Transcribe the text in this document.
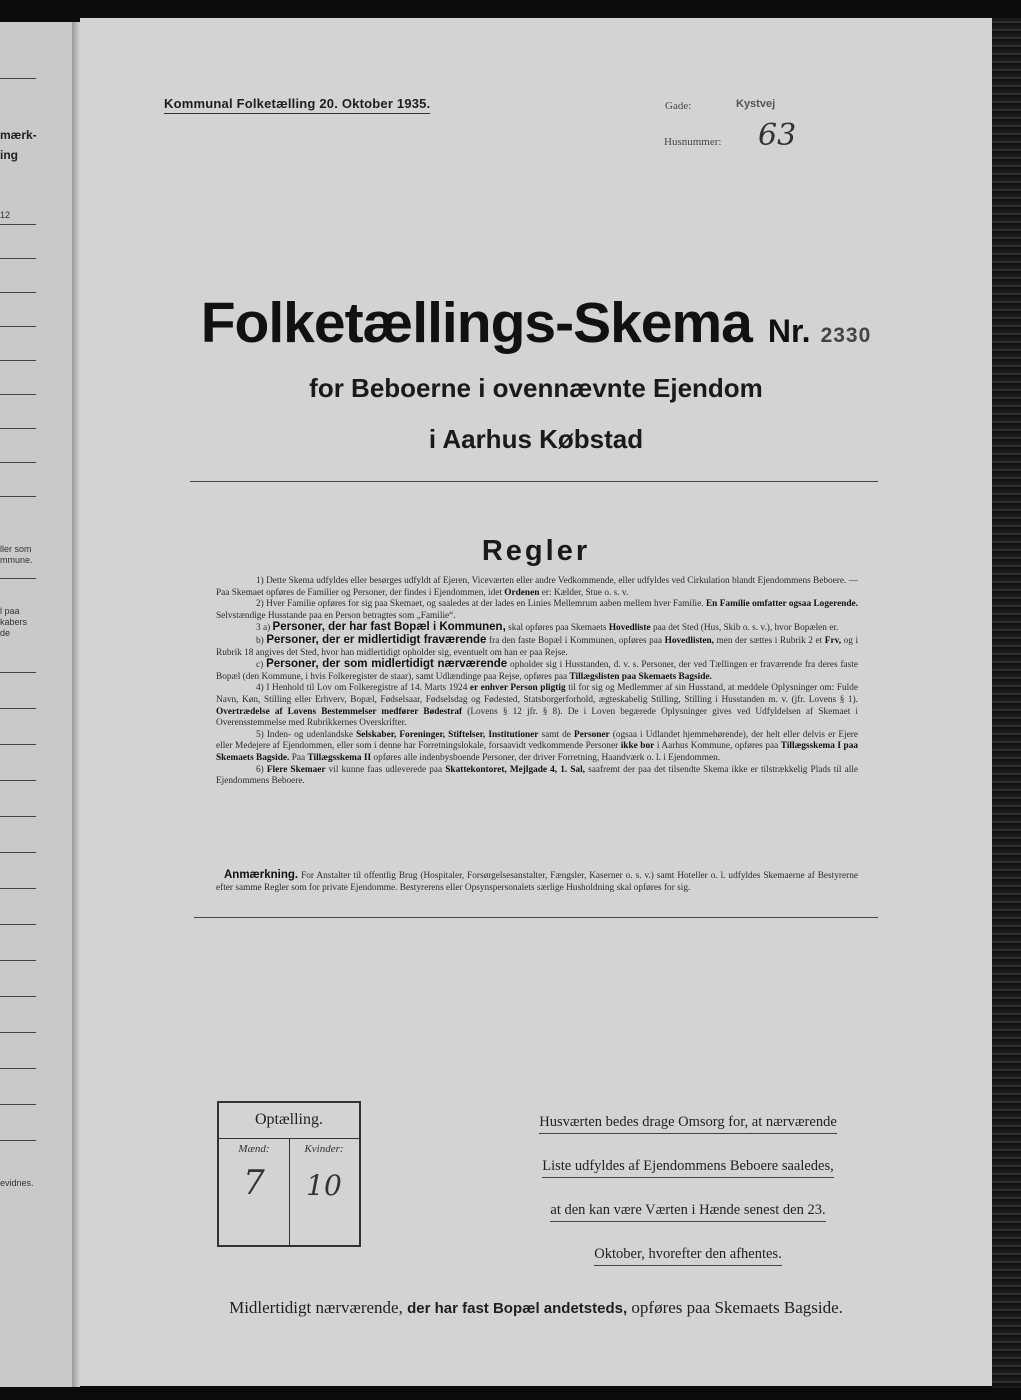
mærk-
ing
12
ller som
mmune.
l paa
kabers
de
evidnes.
Kommunal Folketælling 20. Oktober 1935.	Gade:	Kystvej
Husnummer: 63
Folketællings-Skema Nr. 2330
for Beboerne i ovennævnte Ejendom
i Aarhus Købstad
Regler

1) Dette Skema udfyldes eller besørges udfyldt af Ejeren, Viceværten eller andre Vedkommende, eller udfyldes ved Cirkulation blandt Ejendommens Beboere. — Paa Skemaet opføres de Familier og Personer, der findes i Ejendommen, idet Ordenen er: Kælder, Stue o. s. v.

2) Hver Familie opføres for sig paa Skemaet, og saaledes at der lades en Linies Mellemrum aaben mellem hver Familie. En Familie omfatter ogsaa Logerende. Selvstændige Husstande paa en Person betragtes som „Familie“.

3 a) Personer, der har fast Bopæl i Kommunen, skal opføres paa Skemaets Hovedliste paa det Sted (Hus, Skib o. s. v.), hvor Bopælen er.

b) Personer, der er midlertidigt fraværende fra den faste Bopæl i Kommunen, opføres paa Hovedlisten, men der sættes i Rubrik 2 et Frv, og i Rubrik 18 angives det Sted, hvor han midlertidigt opholder sig, eventuelt om han er paa Rejse.

c) Personer, der som midlertidigt nærværende opholder sig i Husstanden, d. v. s. Personer, der ved Tællingen er fraværende fra deres faste Bopæl (den Kommune, i hvis Folkeregister de staar), samt Udlændinge paa Rejse, opføres paa Tillægslisten paa Skemaets Bagside.

4) I Henhold til Lov om Folkeregistre af 14. Marts 1924 er enhver Person pligtig til for sig og Medlemmer af sin Husstand, at meddele Oplysninger om: Fulde Navn, Køn, Stilling eller Erhverv, Bopæl, Fødselsaar, Fødselsdag og Fødested, Statsborgerforhold, ægteskabelig Stilling, Stilling i Husstanden m. v. (jfr. Lovens § 1). Overtrædelse af Lovens Bestemmelser medfører Bødestraf (Lovens § 12 jfr. § 8). De i Loven begærede Oplysninger gives ved Udfyldelsen af Skemaet i Overensstemmelse med Rubrikkernes Overskrifter.

5) Inden- og udenlandske Selskaber, Foreninger, Stiftelser, Institutioner samt de Personer (ogsaa i Udlandet hjemmehørende), der helt eller delvis er Ejere eller Medejere af Ejendommen, eller som i denne har Forretningslokale, forsaavidt vedkommende Personer ikke bor i Aarhus Kommune, opføres paa Tillægsskema I paa Skemaets Bagside. Paa Tillægsskema II opføres alle indenbysboende Personer, der driver Forretning, Haandværk o. l. i Ejendommen.

6) Flere Skemaer vil kunne faas udleverede paa Skattekontoret, Mejlgade 4, 1. Sal, saafremt der paa det tilsendte Skema ikke er tilstrækkelig Plads til alle Ejendommens Beboere.

Anmærkning. For Anstalter til offentlig Brug (Hospitaler, Forsørgelsesanstalter, Fængsler, Kaserner o. s. v.) samt Hoteller o. l. udfyldes Skemaerne af Bestyrerne efter samme Regler som for private Ejendomme. Bestyrerens eller Opsynspersonalets særlige Husholdning skal opføres for sig.
Optælling.
Mænd:	Kvinder:
7	10
Husværten bedes drage Omsorg for, at nærværende
Liste udfyldes af Ejendommens Beboere saaledes,
at den kan være Værten i Hænde senest den 23.
Oktober, hvorefter den afhentes.
Midlertidigt nærværende, der har fast Bopæl andetsteds, opføres paa Skemaets Bagside.
